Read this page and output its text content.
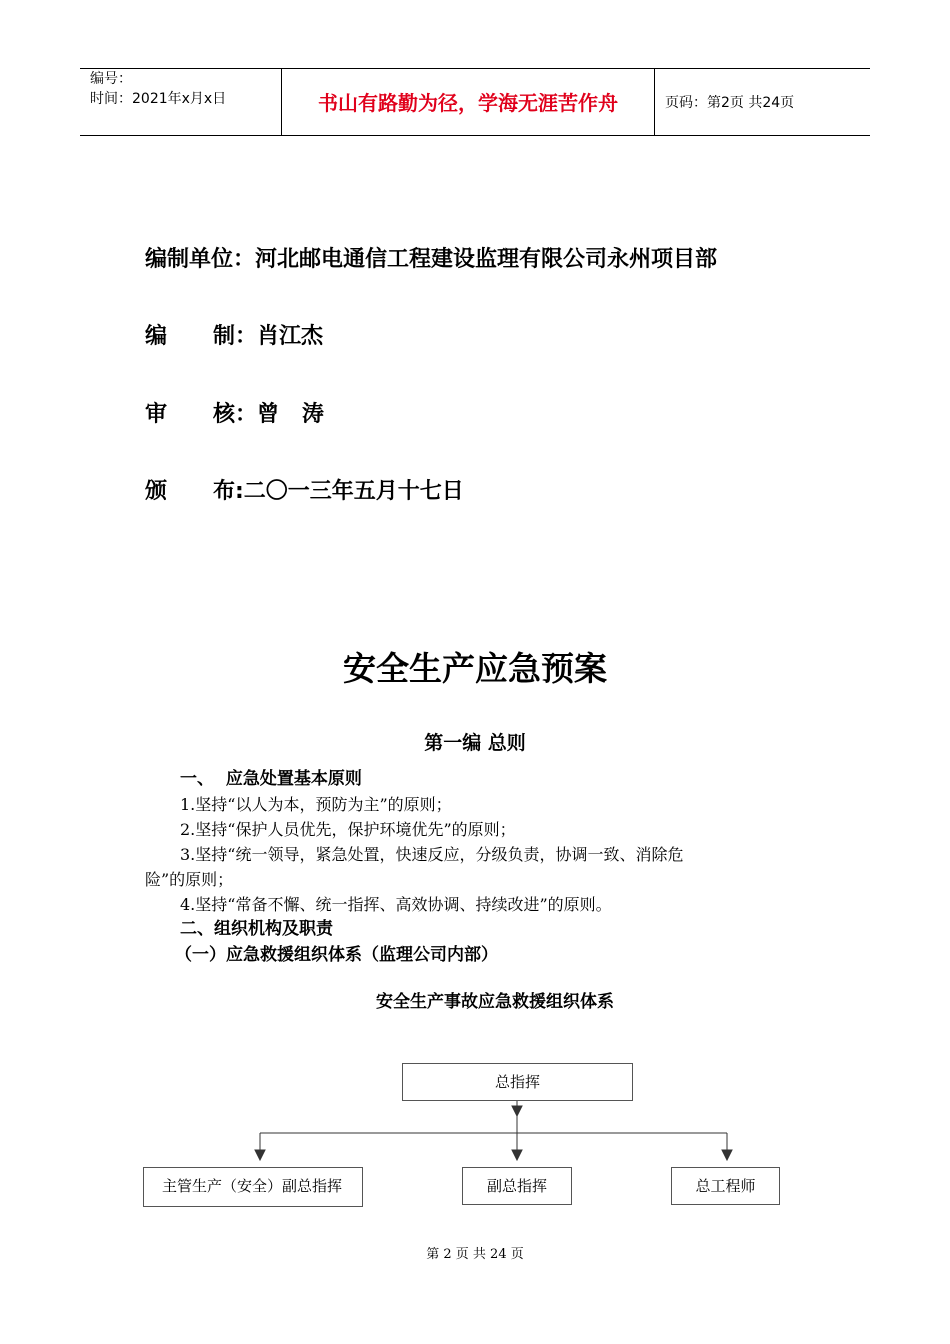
编号：
时间：2021年x月x日	书山有路勤为径，学海无涯苦作舟	页码：第2页 共24页
编制单位：河北邮电通信工程建设监理有限公司永州项目部
编      制：肖江杰
审      核：曾   涛
颁      布:二〇一三年五月十七日
安全生产应急预案
第一编 总则
一、  应急处置基本原则
1.坚持“以人为本，预防为主”的原则；
2.坚持“保护人员优先，保护环境优先”的原则；
3.坚持“统一领导，紧急处置，快速反应，分级负责，协调一致、消除危
险”的原则；
4.坚持“常备不懈、统一指挥、高效协调、持续改进”的原则。
二、组织机构及职责
（一）应急救援组织体系（监理公司内部）
安全生产事故应急救援组织体系
总指挥
主管生产（安全）副总指挥	副总指挥	总工程师
第 2 页 共 24 页
